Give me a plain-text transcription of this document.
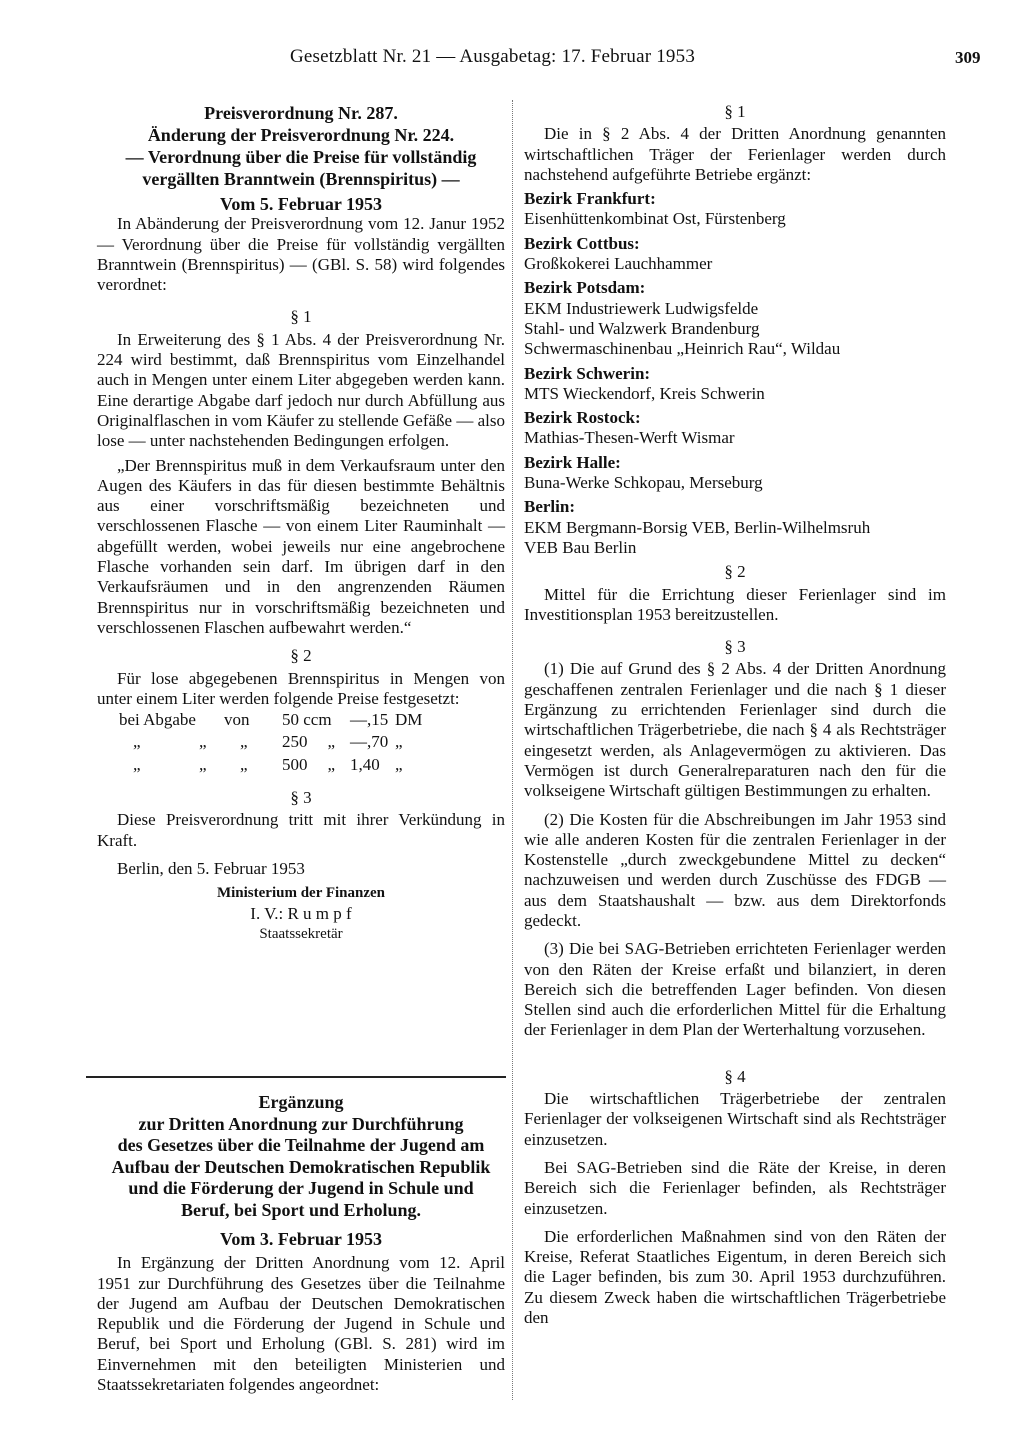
Gesetzblatt Nr. 21 — Ausgabetag: 17. Februar 1953	309
Preisverordnung Nr. 287.
Änderung der Preisverordnung Nr. 224.
— Verordnung über die Preise für vollständig
vergällten Branntwein (Brennspiritus) —
Vom 5. Februar 1953

In Abänderung der Preisverordnung vom 12. Janur 1952 — Verordnung über die Preise für vollständig vergällten Branntwein (Brennspiritus) — (GBl. S. 58) wird folgendes verordnet:

§ 1

In Erweiterung des § 1 Abs. 4 der Preisverordnung Nr. 224 wird bestimmt, daß Brennspiritus vom Einzelhandel auch in Mengen unter einem Liter abgegeben werden kann. Eine derartige Abgabe darf jedoch nur durch Abfüllung aus Originalflaschen in vom Käufer zu stellende Gefäße — also lose — unter nachstehenden Bedingungen erfolgen.

„Der Brennspiritus muß in dem Verkaufsraum unter den Augen des Käufers in das für diesen bestimmte Behältnis aus einer vorschriftsmäßig bezeichneten und verschlossenen Flasche — von einem Liter Rauminhalt — abgefüllt werden, wobei jeweils nur eine angebrochene Flasche vorhanden sein darf. Im übrigen darf in den Verkaufsräumen und in den angrenzenden Räumen Brennspiritus nur in vorschriftsmäßig bezeichneten und verschlossenen Flaschen aufbewahrt werden.“

§ 2

Für lose abgegebenen Brennspiritus in Mengen von unter einem Liter werden folgende Preise festgesetzt:

bei Abgabe		von	50 ccm	—,15	DM
„	„	„	250 „	—,70	„
„	„	„	500 „	1,40	„
§ 3

Diese Preisverordnung tritt mit ihrer Verkündung in Kraft.

Berlin, den 5. Februar 1953

Ministerium der Finanzen
I. V.: R u m p f
Staatssekretär
Ergänzung
zur Dritten Anordnung zur Durchführung
des Gesetzes über die Teilnahme der Jugend am
Aufbau der Deutschen Demokratischen Republik
und die Förderung der Jugend in Schule und
Beruf, bei Sport und Erholung.
Vom 3. Februar 1953

In Ergänzung der Dritten Anordnung vom 12. April 1951 zur Durchführung des Gesetzes über die Teilnahme der Jugend am Aufbau der Deutschen Demokratischen Republik und die Förderung der Jugend in Schule und Beruf, bei Sport und Erholung (GBl. S. 281) wird im Einvernehmen mit den beteiligten Ministerien und Staatssekretariaten folgendes angeordnet:

§ 1

Die in § 2 Abs. 4 der Dritten Anordnung genannten wirtschaftlichen Träger der Ferienlager werden durch nachstehend aufgeführte Betriebe ergänzt:

Bezirk Frankfurt:
Eisenhüttenkombinat Ost, Fürstenberg
Bezirk Cottbus:
Großkokerei Lauchhammer
Bezirk Potsdam:
EKM Industriewerk Ludwigsfelde
Stahl- und Walzwerk Brandenburg
Schwermaschinenbau „Heinrich Rau“, Wildau
Bezirk Schwerin:
MTS Wieckendorf, Kreis Schwerin
Bezirk Rostock:
Mathias-Thesen-Werft Wismar
Bezirk Halle:
Buna-Werke Schkopau, Merseburg
Berlin:
EKM Bergmann-Borsig VEB, Berlin-Wilhelmsruh
VEB Bau Berlin
§ 2

Mittel für die Errichtung dieser Ferienlager sind im Investitionsplan 1953 bereitzustellen.

§ 3

(1) Die auf Grund des § 2 Abs. 4 der Dritten Anordnung geschaffenen zentralen Ferienlager und die nach § 1 dieser Ergänzung zu errichtenden Ferienlager sind durch die wirtschaftlichen Trägerbetriebe, die nach § 4 als Rechtsträger eingesetzt werden, als Anlagevermögen zu aktivieren. Das Vermögen ist durch Generalreparaturen nach den für die volkseigene Wirtschaft gültigen Bestimmungen zu erhalten.

(2) Die Kosten für die Abschreibungen im Jahr 1953 sind wie alle anderen Kosten für die zentralen Ferienlager in der Kostenstelle „durch zweckgebundene Mittel zu decken“ nachzuweisen und werden durch Zuschüsse des FDGB — aus dem Staatshaushalt — bzw. aus dem Direktorfonds gedeckt.

(3) Die bei SAG-Betrieben errichteten Ferienlager werden von den Räten der Kreise erfaßt und bilanziert, in deren Bereich sich die betreffenden Lager befinden. Von diesen Stellen sind auch die erforderlichen Mittel für die Erhaltung der Ferienlager in dem Plan der Werterhaltung vorzusehen.

§ 4

Die wirtschaftlichen Trägerbetriebe der zentralen Ferienlager der volkseigenen Wirtschaft sind als Rechtsträger einzusetzen.

Bei SAG-Betrieben sind die Räte der Kreise, in deren Bereich sich die Ferienlager befinden, als Rechtsträger einzusetzen.

Die erforderlichen Maßnahmen sind von den Räten der Kreise, Referat Staatliches Eigentum, in deren Bereich sich die Lager befinden, bis zum 30. April 1953 durchzuführen. Zu diesem Zweck haben die wirtschaftlichen Trägerbetriebe den
